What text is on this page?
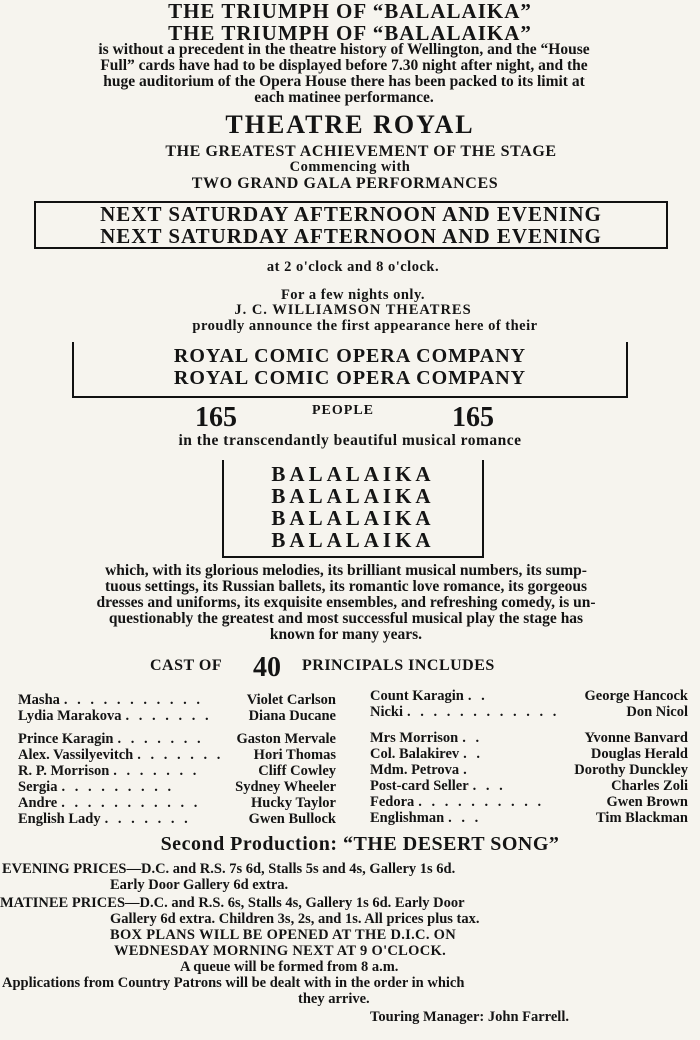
THE TRIUMPH OF “BALALAIKA”
THE TRIUMPH OF “BALALAIKA”
is without a precedent in the theatre history of Wellington, and the “House
Full” cards have had to be displayed before 7.30 night after night, and the
huge auditorium of the Opera House there has been packed to its limit at
each matinee performance.
THEATRE ROYAL
THE GREATEST ACHIEVEMENT OF THE STAGE
Commencing with
TWO GRAND GALA PERFORMANCES
NEXT SATURDAY AFTERNOON AND EVENING
NEXT SATURDAY AFTERNOON AND EVENING
at 2 o'clock and 8 o'clock.
For a few nights only.
J. C. WILLIAMSON THEATRES
proudly announce the first appearance here of their
ROYAL COMIC OPERA COMPANY
ROYAL COMIC OPERA COMPANY
165	PEOPLE	165
in the transcendantly beautiful musical romance
BALALAIKA
BALALAIKA
BALALAIKA
BALALAIKA
which, with its glorious melodies, its brilliant musical numbers, its sump-
tuous settings, its Russian ballets, its romantic love romance, its gorgeous
dresses and uniforms, its exquisite ensembles, and refreshing comedy, is un-
questionably the greatest and most successful musical play the stage has
known for many years.
CAST OF 40 PRINCIPALS INCLUDES
Masha . . . . . . . . . . .	Violet Carlson
Lydia Marakova . . . . . . .	Diana Ducane
Prince Karagin . . . . . . .	Gaston Mervale
Alex. Vassilyevitch . . . . . . .	Hori Thomas
R. P. Morrison . . . . . . .	Cliff Cowley
Sergia . . . . . . . . .	Sydney Wheeler
Andre . . . . . . . . . . .	Hucky Taylor
English Lady . . . . . . .	Gwen Bullock
Count Karagin . .	George Hancock
Nicki . . . . . . . . . . . .	Don Nicol
Mrs Morrison . .	Yvonne Banvard
Col. Balakirev . .	Douglas Herald
Mdm. Petrova .	Dorothy Dunckley
Post-card Seller . . .	Charles Zoli
Fedora . . . . . . . . . .	Gwen Brown
Englishman . . .	Tim Blackman
Second Production: “THE DESERT SONG”
EVENING PRICES—D.C. and R.S. 7s 6d, Stalls 5s and 4s, Gallery 1s 6d.
Early Door Gallery 6d extra.
MATINEE PRICES—D.C. and R.S. 6s, Stalls 4s, Gallery 1s 6d. Early Door
Gallery 6d extra. Children 3s, 2s, and 1s. All prices plus tax.
BOX PLANS WILL BE OPENED AT THE D.I.C. ON
WEDNESDAY MORNING NEXT AT 9 O'CLOCK.
A queue will be formed from 8 a.m.
Applications from Country Patrons will be dealt with in the order in which
they arrive.
Touring Manager: John Farrell.
